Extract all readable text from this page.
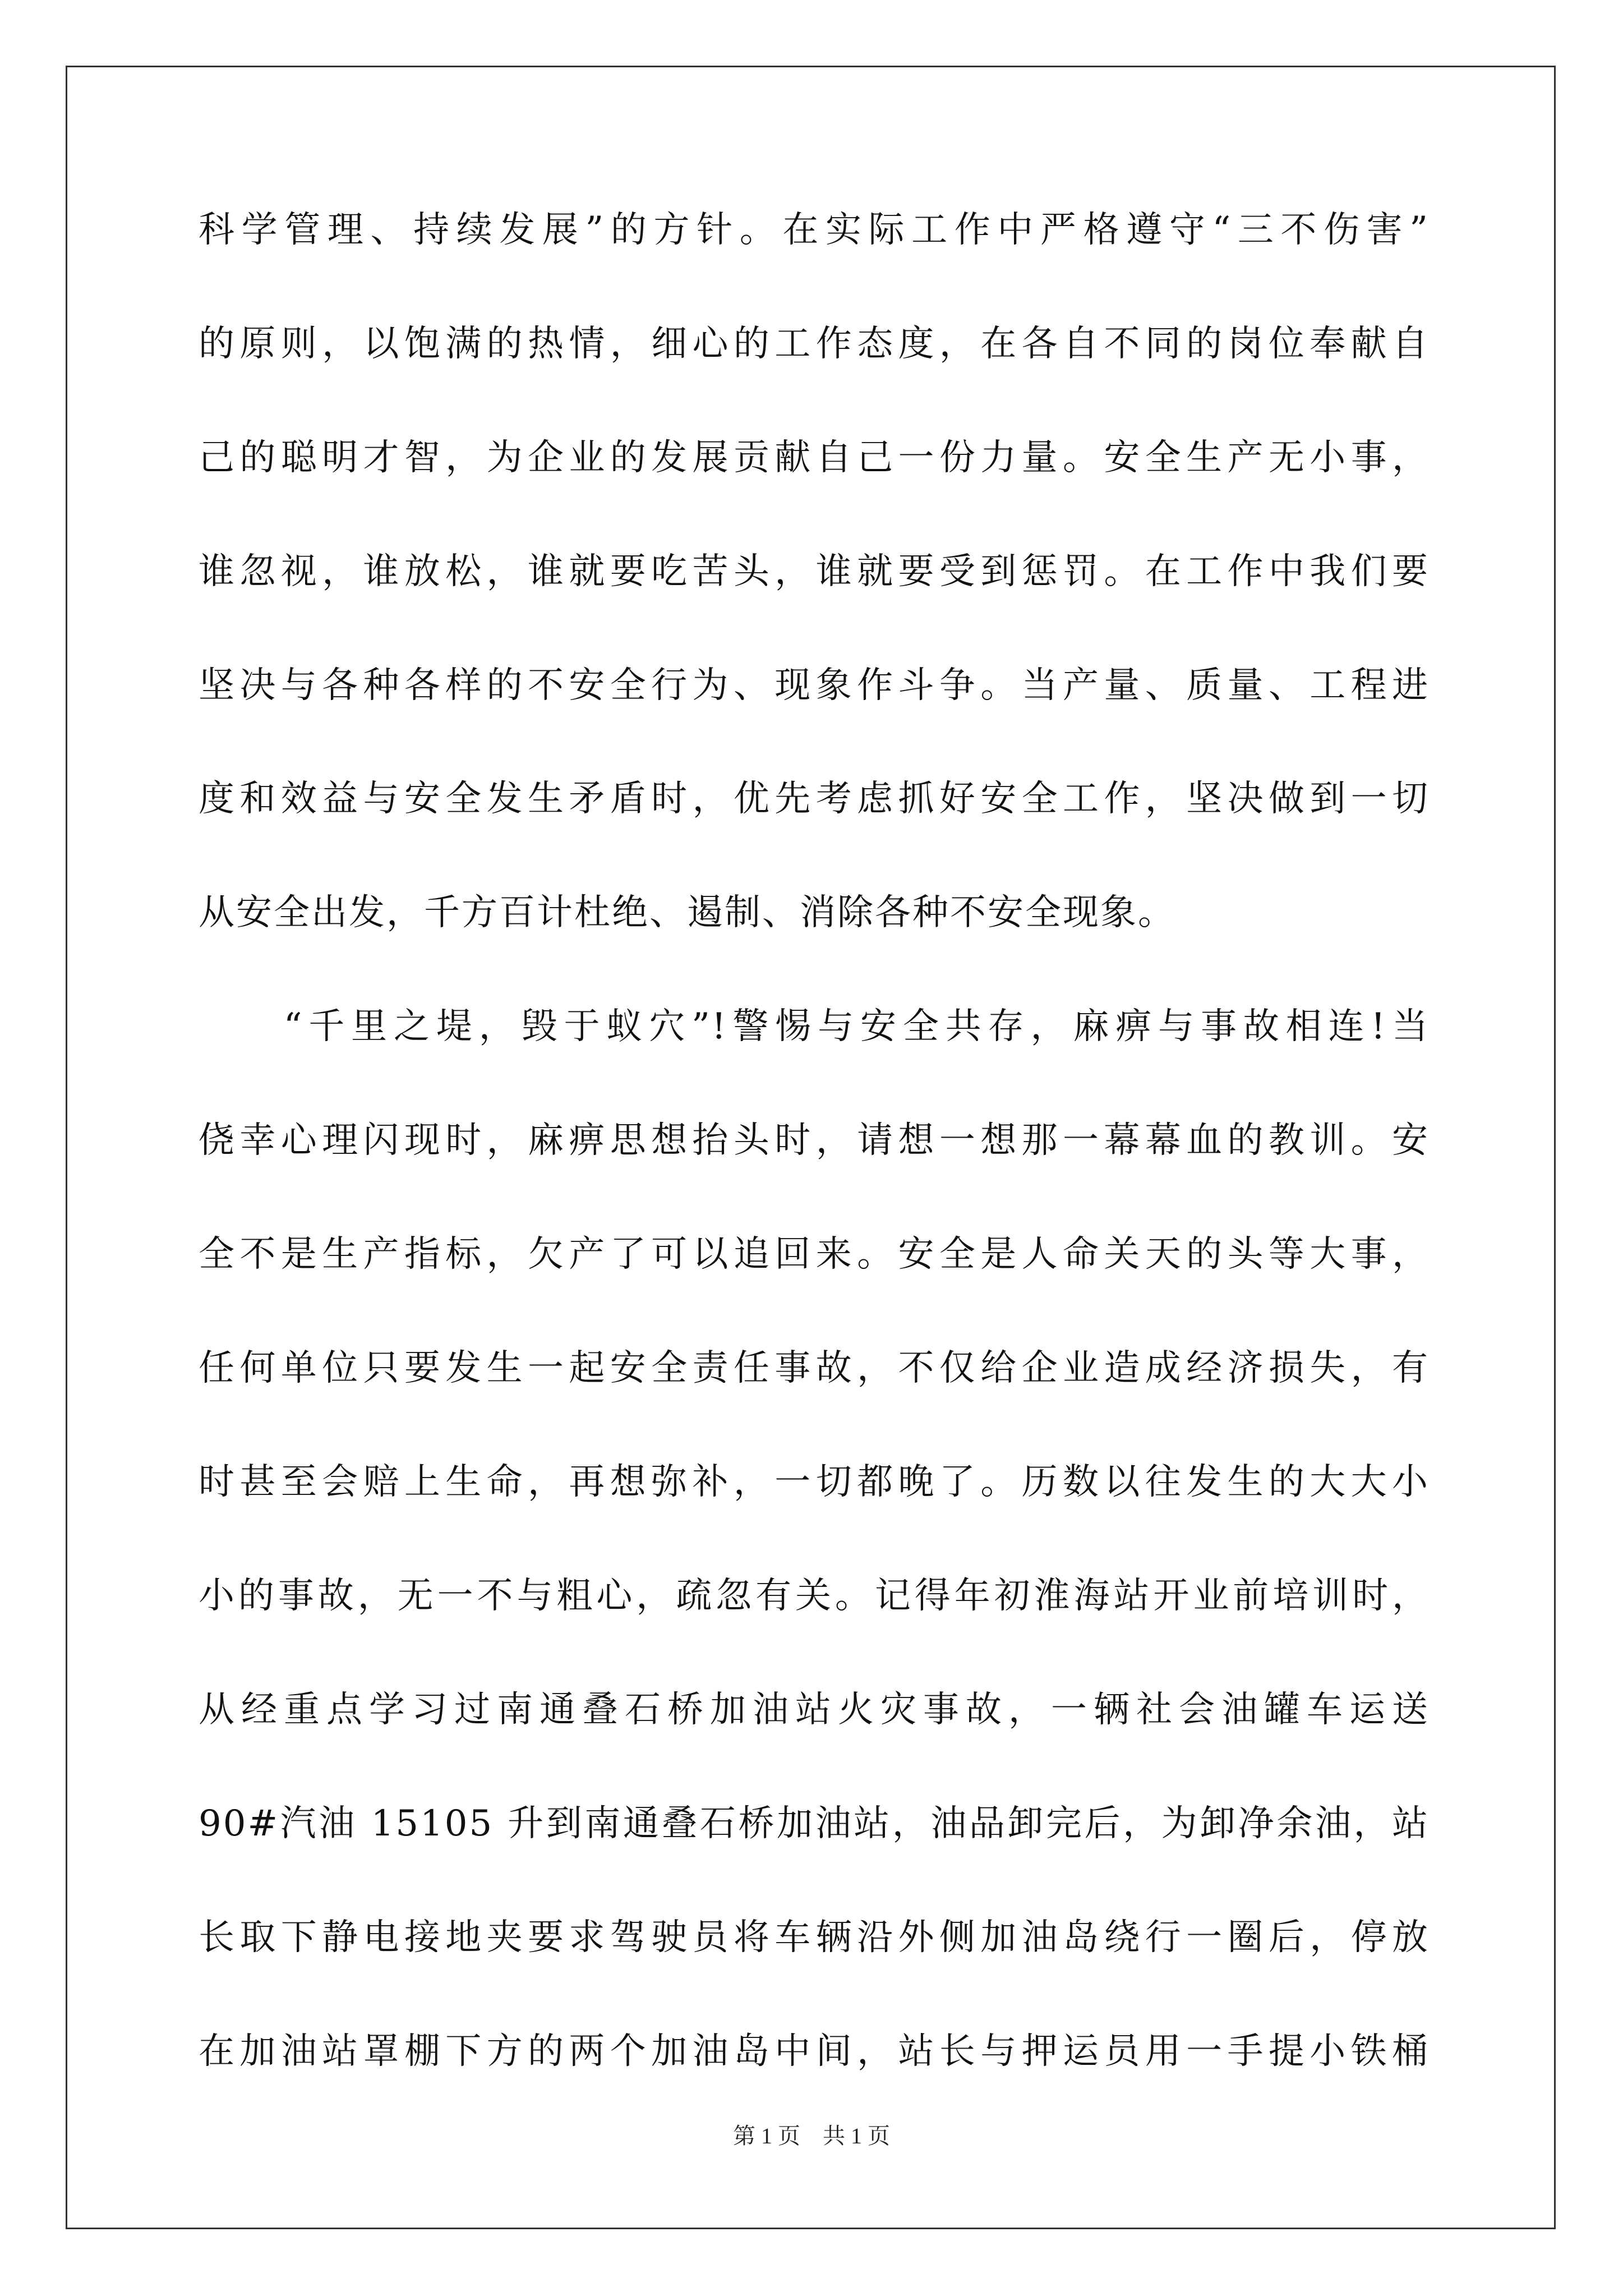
科学管理、持续发展”的方针。在实际工作中严格遵守“三不伤害”
的原则，以饱满的热情，细心的工作态度，在各自不同的岗位奉献自
己的聪明才智，为企业的发展贡献自己一份力量。安全生产无小事，
谁忽视，谁放松，谁就要吃苦头，谁就要受到惩罚。在工作中我们要
坚决与各种各样的不安全行为、现象作斗争。当产量、质量、工程进
度和效益与安全发生矛盾时，优先考虑抓好安全工作，坚决做到一切
从安全出发，千方百计杜绝、遏制、消除各种不安全现象。
　　“千里之堤，毁于蚁穴”!警惕与安全共存，麻痹与事故相连!当
侥幸心理闪现时，麻痹思想抬头时，请想一想那一幕幕血的教训。安
全不是生产指标，欠产了可以追回来。安全是人命关天的头等大事，
任何单位只要发生一起安全责任事故，不仅给企业造成经济损失，有
时甚至会赔上生命，再想弥补，一切都晚了。历数以往发生的大大小
小的事故，无一不与粗心，疏忽有关。记得年初淮海站开业前培训时，
从经重点学习过南通叠石桥加油站火灾事故，一辆社会油罐车运送
90#汽油 15105 升到南通叠石桥加油站，油品卸完后，为卸净余油，站
长取下静电接地夹要求驾驶员将车辆沿外侧加油岛绕行一圈后，停放
在加油站罩棚下方的两个加油岛中间，站长与押运员用一手提小铁桶
第 1 页　共 1 页
